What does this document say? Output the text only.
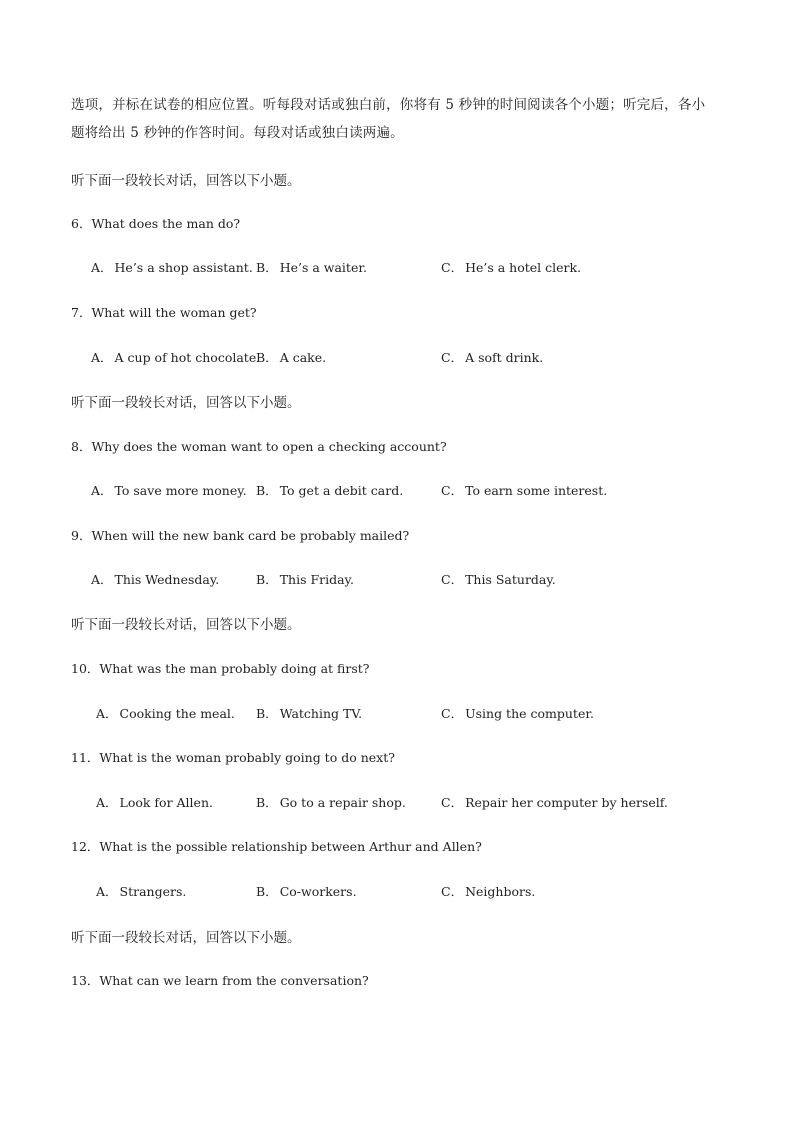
选项，并标在试卷的相应位置。听每段对话或独白前，你将有 5 秒钟的时间阅读各个小题；听完后，各小
题将给出 5 秒钟的作答时间。每段对话或独白读两遍。
听下面一段较长对话，回答以下小题。
6．What does the man do?
A． He’s a shop assistant. B． He’s a waiter.	C． He’s a hotel clerk.
7．What will the woman get?
A． A cup of hot chocolate.
B． A cake.	C． A soft drink.
听下面一段较长对话，回答以下小题。
8．Why does the woman want to open a checking account?
A． To save more money. B． To get a debit card.	C． To earn some interest.
9．When will the new bank card be probably mailed?
A． This Wednesday.	B． This Friday.	C． This Saturday.
听下面一段较长对话，回答以下小题。
10．What was the man probably doing at first?
A． Cooking the meal. B． Watching TV.	C． Using the computer.
11．What is the woman probably going to do next?
A． Look for Allen.	B． Go to a repair shop.	C． Repair her computer by herself.
12．What is the possible relationship between Arthur and Allen?
A． Strangers.	B． Co-workers.	C． Neighbors.
听下面一段较长对话，回答以下小题。
13．What can we learn from the conversation?
